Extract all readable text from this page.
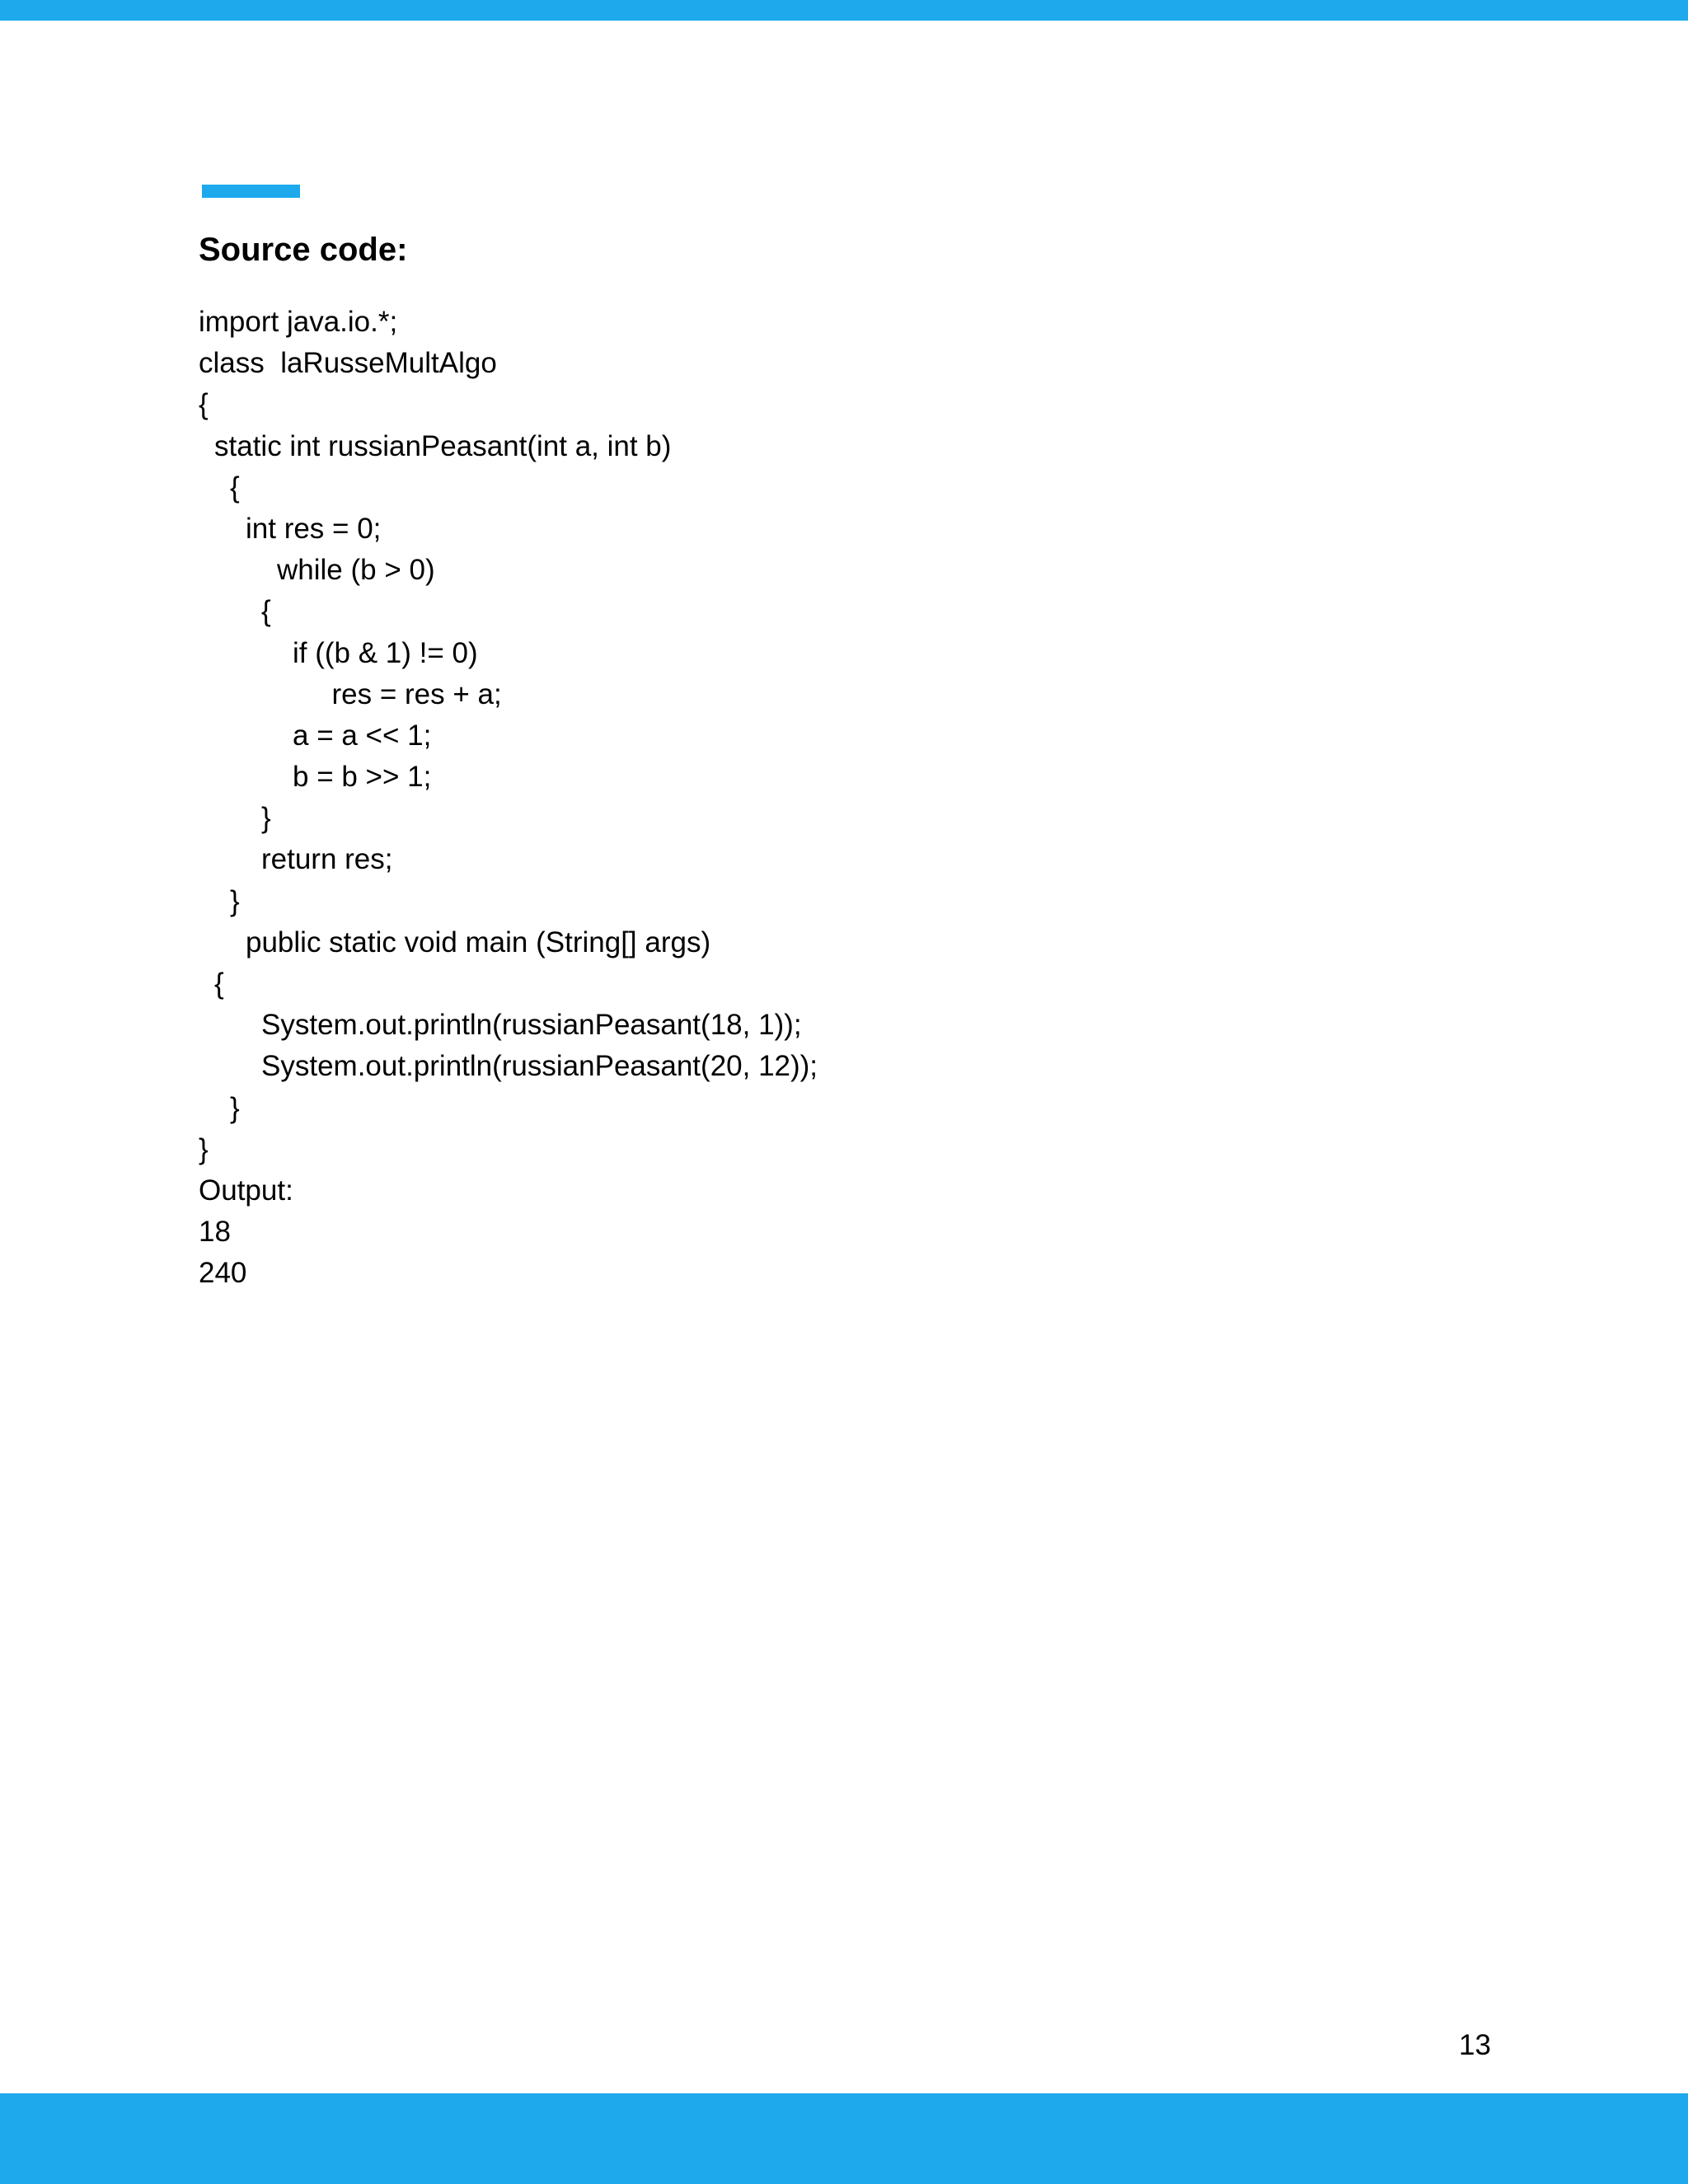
Source code:
import java.io.*;
class  laRusseMultAlgo
{
static int russianPeasant(int a, int b)
{
int res = 0;
while (b > 0)
{
if ((b & 1) != 0)
res = res + a;
a = a << 1;
b = b >> 1;
}
return res;
}
public static void main (String[] args)
{
System.out.println(russianPeasant(18, 1));
System.out.println(russianPeasant(20, 12));
}
}
Output:
18
240
13
